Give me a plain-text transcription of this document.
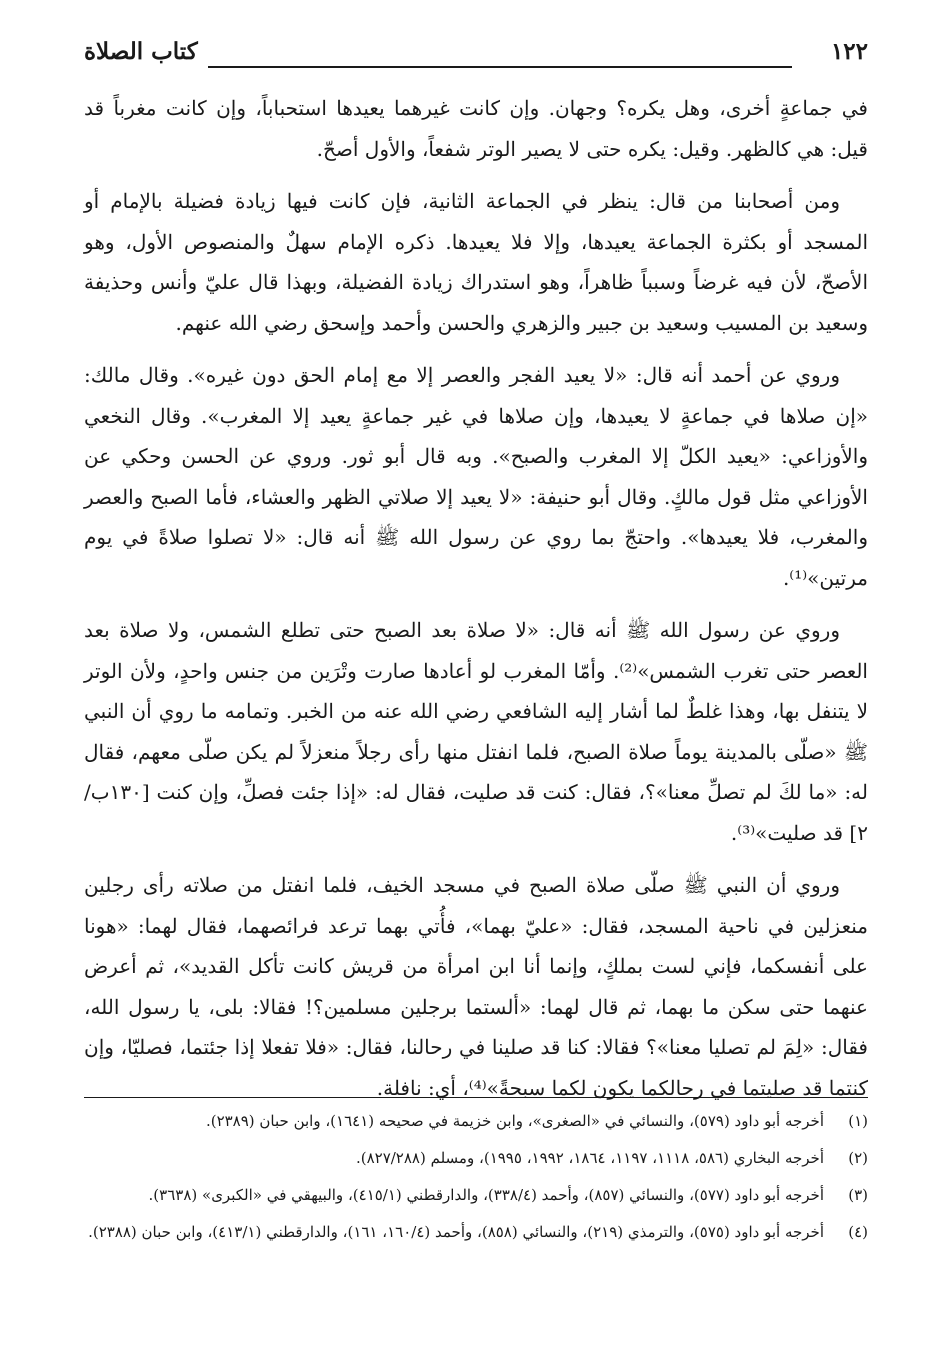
١٢٢
كتاب الصلاة

في جماعةٍ أخرى، وهل يكره؟ وجهان. وإن كانت غيرهما يعيدها استحباباً، وإن كانت مغرباً قد قيل: هي كالظهر. وقيل: يكره حتى لا يصير الوتر شفعاً، والأول أصحّ.

ومن أصحابنا من قال: ينظر في الجماعة الثانية، فإن كانت فيها زيادة فضيلة بالإمام أو المسجد أو بكثرة الجماعة يعيدها، وإلا فلا يعيدها. ذكره الإمام سهلٌ والمنصوص الأول، وهو الأصحّ، لأن فيه غرضاً وسبباً ظاهراً، وهو استدراك زيادة الفضيلة، وبهذا قال عليّ وأنس وحذيفة وسعيد بن المسيب وسعيد بن جبير والزهري والحسن وأحمد وإسحق رضي الله عنهم.

وروي عن أحمد أنه قال: «لا يعيد الفجر والعصر إلا مع إمام الحق دون غيره». وقال مالك: «إن صلاها في جماعةٍ لا يعيدها، وإن صلاها في غير جماعةٍ يعيد إلا المغرب». وقال النخعي والأوزاعي: «يعيد الكلّ إلا المغرب والصبح». وبه قال أبو ثور. وروي عن الحسن وحكي عن الأوزاعي مثل قول مالكٍ. وقال أبو حنيفة: «لا يعيد إلا صلاتي الظهر والعشاء، فأما الصبح والعصر والمغرب، فلا يعيدها». واحتجّ بما روي عن رسول الله ﷺ أنه قال: «لا تصلوا صلاةً في يوم مرتين»⁽¹⁾.

وروي عن رسول الله ﷺ أنه قال: «لا صلاة بعد الصبح حتى تطلع الشمس، ولا صلاة بعد العصر حتى تغرب الشمس»⁽²⁾. وأمّا المغرب لو أعادها صارت وتْرَين من جنس واحدٍ، ولأن الوتر لا يتنفل بها، وهذا غلطٌ لما أشار إليه الشافعي رضي الله عنه من الخبر. وتمامه ما روي أن النبي ﷺ «صلّى بالمدينة يوماً صلاة الصبح، فلما انفتل منها رأى رجلاً منعزلاً لم يكن صلّى معهم، فقال له: «ما لكَ لم تصلِّ معنا»؟، فقال: كنت قد صليت، فقال له: «إذا جئت فصلِّ، وإن كنت [١٣٠ب/٢] قد صليت»⁽³⁾.

وروي أن النبي ﷺ صلّى صلاة الصبح في مسجد الخيف، فلما انفتل من صلاته رأى رجلين منعزلين في ناحية المسجد، فقال: «عليّ بهما»، فأُتي بهما ترعد فرائصهما، فقال لهما: «هونا على أنفسكما، فإني لست بملكٍ، وإنما أنا ابن امرأة من قريش كانت تأكل القديد»، ثم أعرض عنهما حتى سكن ما بهما، ثم قال لهما: «ألستما برجلين مسلمين؟! فقالا: بلى، يا رسول الله، فقال: «لِمَ لم تصليا معنا»؟ فقالا: كنا قد صلينا في رحالنا، فقال: «فلا تفعلا إذا جئتما، فصليّا، وإن كنتما قد صليتما في رحالكما يكون لكما سبحةً»⁽⁴⁾، أي: نافلة.

(١)
أخرجه أبو داود (٥٧٩)، والنسائي في «الصغرى»، وابن خزيمة في صحيحه (١٦٤١)، وابن حبان (٢٣٨٩).
(٢)
أخرجه البخاري (٥٨٦، ١١١٨، ١١٩٧، ١٨٦٤، ١٩٩٢، ١٩٩٥)، ومسلم (٨٢٧/٢٨٨).
(٣)
أخرجه أبو داود (٥٧٧)، والنسائي (٨٥٧)، وأحمد (٣٣٨/٤)، والدارقطني (٤١٥/١)، والبيهقي في «الكبرى» (٣٦٣٨).
(٤)
أخرجه أبو داود (٥٧٥)، والترمذي (٢١٩)، والنسائي (٨٥٨)، وأحمد (١٦٠/٤، ١٦١)، والدارقطني (٤١٣/١)، وابن حبان (٢٣٨٨).
